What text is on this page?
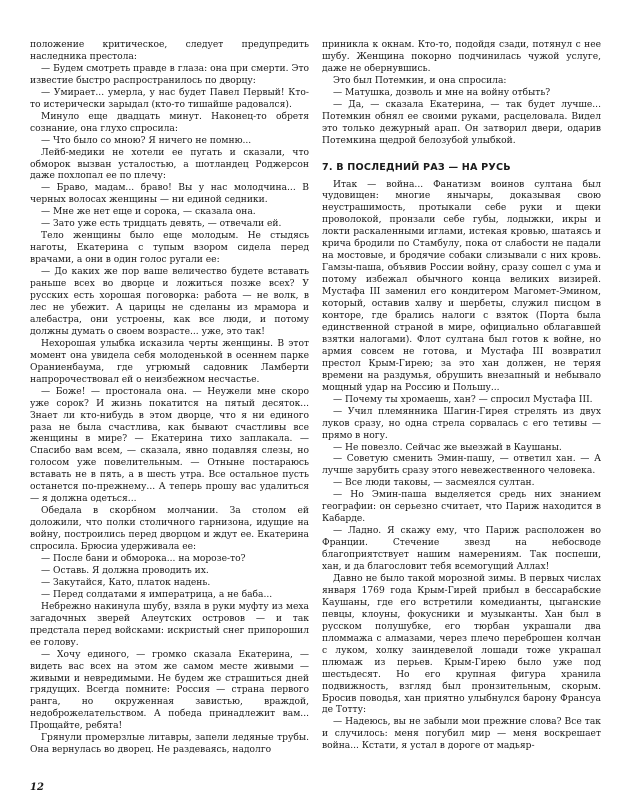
положение критическое, следует предупредить наследника престола:

— Будем смотреть правде в глаза: она при смерти. Это известие быстро распространилось по дворцу:

— Умирает... умерла, у нас будет Павел Первый! Кто-то истерически зарыдал (кто-то тишайше радовался).

Минуло еще двадцать минут. Наконец-то обретя сознание, она глухо спросила:

— Что было со мною? Я ничего не помню...

Лейб-медики не хотели ее пугать и сказали, что обморок вызван усталостью, а шотландец Роджерсон даже похлопал ее по плечу:

— Браво, мадам... браво! Вы у нас молодчина... В черных волосах женщины — ни единой седники.

— Мне же нет еще и сорока, — сказала она.

— Зато уже есть тридцать девять, — отвечали ей.

Тело женщины было еще молодым. Не стыдясь наготы, Екатерина с тупым взором сидела перед врачами, а они в один голос ругали ее:

— До каких же пор ваше величество будете вставать раньше всех во дворце и ложиться позже всех? У русских есть хорошая поговорка: работа — не волк, в лес не убежит. А царицы не сделаны из мрамора и алебастра, они устроены, как все люди, и потому должны думать о своем возрасте... уже, это так!

Нехорошая улыбка исказила черты женщины. В этот момент она увидела себя молоденькой в осеннем парке Ораниенбаума, где угрюмый садовник Ламберти напророчествовал ей о неизбежном несчастье.

— Боже! — простонала она. — Неужели мне скоро уже сорок? И жизнь покатится на пятый десяток... Знает ли кто-нибудь в этом дворце, что я ни единого раза не была счастлива, как бывают счастливы все женщины в мире? — Екатерина тихо заплакала. — Спасибо вам всем, — сказала, явно подавляя слезы, но голосом уже повелительным. — Отныне постараюсь вставать не в пять, а в шесть утра. Все остальное пусть останется по-прежнему... А теперь прошу вас удалиться — я должна одеться...

Обедала в скорбном молчании. За столом ей доложили, что полки столичного гарнизона, идущие на войну, построились перед дворцом и ждут ее. Екатерина спросила. Брюсиа удерживала ее:

— После бани и обморока... на морозе-то?

— Оставь. Я должна проводить их.

— Закутайся, Като, платок надень.

— Перед солдатами я императрица, а не баба...

Небрежно накинула шубу, взяла в руки муфту из меха загадочных зверей Алеутских островов — и так предстала перед войсками: искристый снег припорошил ее голову.

— Хочу единого, — громко сказала Екатерина, — видеть вас всех на этом же самом месте живыми — живыми и невредимыми. Не будем же страшиться дней грядущих. Всегда помните: Россия — страна первого ранга, но окруженная завистью, враждой, недоброжелательством. А победа принадлежит вам... Прощайте, ребята!

Грянули промерзлые литавры, запели ледяные трубы. Она вернулась во дворец. Не раздеваясь, надолго

приникла к окнам. Кто-то, подойдя сзади, потянул с нее шубу. Женщина покорно подчинилась чужой услуге, даже не обернувшись.

Это был Потемкин, и она спросила:

— Матушка, дозволь и мне на войну отбыть?

— Да, — сказала Екатерина, — так будет лучше... Потемкин обнял ее своими руками, расцеловала. Видел это только дежурный арап. Он затворил двери, одарив Потемкина щедрой белозубой улыбкой.

7. В ПОСЛЕДНИЙ РАЗ — НА РУСЬ

Итак — война... Фанатизм воинов султана был чудовищен: многие янычары, доказывая свою неустрашимость, протыкали себе руки и щеки проволокой, пронзали себе губы, лодыжки, икры и локти раскаленными иглами, истекая кровью, шатаясь и крича бродили по Стамбулу, пока от слабости не падали на мостовые, и бродячие собаки слизывали с них кровь. Гамзы-паша, объявив России войну, сразу сошел с ума и потому избежал обычного конца великих визирей. Мустафа III заменил его кондитером Магомет-Эмином, который, оставив халву и шербеты, служил писцом в конторе, где брались налоги с взяток (Порта была единственной страной в мире, официально облагавшей взятки налогами). Флот султана был готов к войне, но армия совсем не готова, и Мустафа III возвратил престол Крым-Гирею; за это хан должен, не теряя времени на раздумья, обрушить внезапный и небывало мощный удар на Россию и Польшу...

— Почему ты хромаешь, хан? — спросил Мустафа III.

— Учил племянника Шагин-Гирея стрелять из двух луков сразу, но одна стрела сорвалась с его тетивы — прямо в ногу.

— Не повезло. Сейчас же выезжай в Каушаны.

— Советую сменить Эмин-пашу, — ответил хан. — А лучше зарубить сразу этого невежественного человека.

— Все люди таковы, — засмеялся султан.

— Но Эмин-паша выделяется средь них знанием географии: он серьезно считает, что Париж находится в Кабарде.

— Ладно. Я скажу ему, что Париж расположен во Франции. Стечение звезд на небосводе благоприятствует нашим намерениям. Так поспеши, хан, и да благословит тебя всемогущий Аллах!

Давно не было такой морозной зимы. В первых числах января 1769 года Крым-Гирей прибыл в бессарабские Каушаны, где его встретили комедианты, цыганские певцы, клоуны, фокусники и музыканты. Хан был в русском полушубке, его тюрбан украшали два пломмажа с алмазами, через плечо переброшен колчан с луком, холку заиндевелой лошади тоже украшал плюмаж из перьев. Крым-Гирею было уже под шестьдесят. Но его крупная фигура хранила подвижность, взгляд был пронзительным, скорым. Бросив поводья, хан приятно улыбнулся барону Франсуа де Тотту:

— Надеюсь, вы не забыли мои прежние слова? Все так и случилось: меня погубил мир — меня воскрешает война... Кстати, я устал в дороге от мадьяр-

12
